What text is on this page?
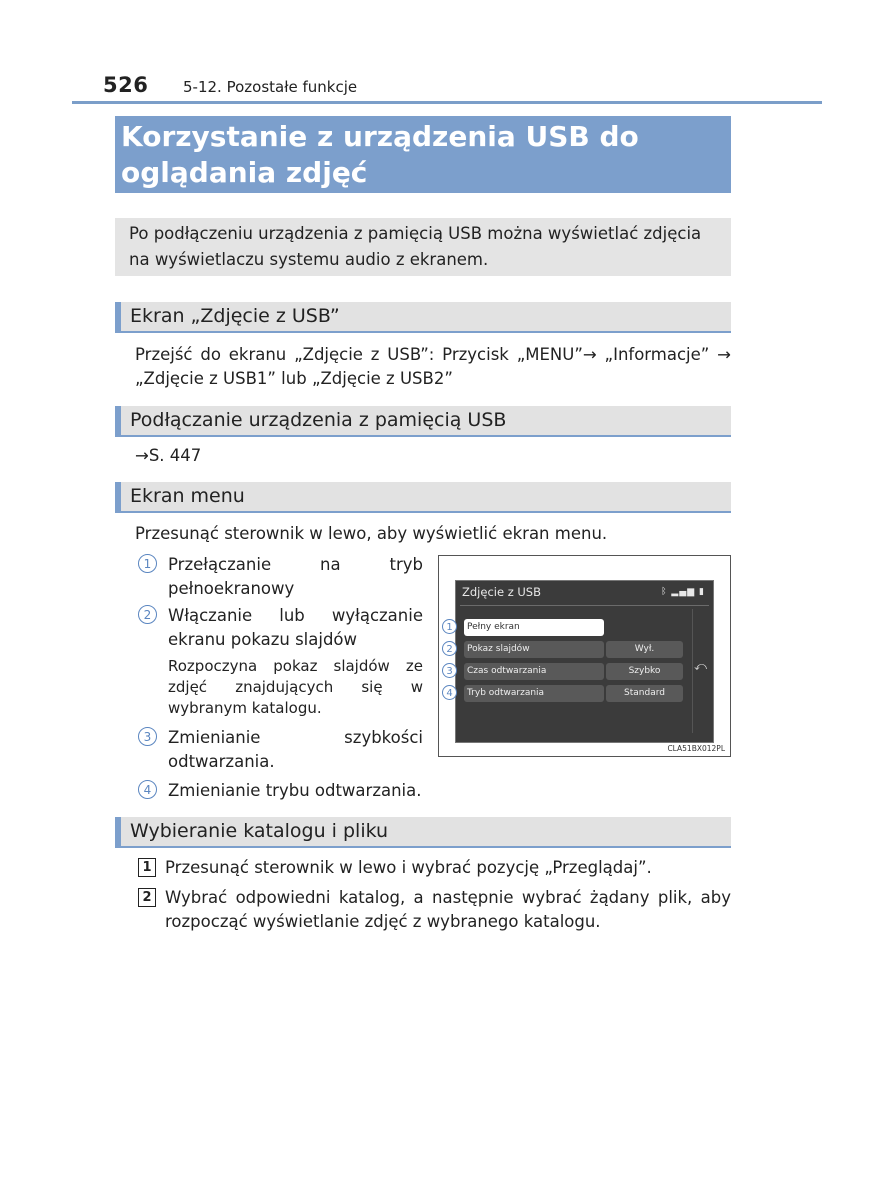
526 5-12. Pozostałe funkcje
Korzystanie z urządzenia USB do oglądania zdjęć
Po podłączeniu urządzenia z pamięcią USB można wyświetlać zdjęcia na wyświetlaczu systemu audio z ekranem.
Ekran „Zdjęcie z USB”
Przejść do ekranu „Zdjęcie z USB”: Przycisk „MENU”→ „Informacje” → „Zdjęcie z USB1” lub „Zdjęcie z USB2”
Podłączanie urządzenia z pamięcią USB
→S. 447
Ekran menu
Przesunąć sterownik w lewo, aby wyświetlić ekran menu.
1	Przełączanie na tryb pełnoekranowy
2	Włączanie lub wyłączanie ekranu pokazu slajdów
Rozpoczyna pokaz slajdów ze zdjęć znajdujących się w wybranym katalogu.
3	Zmienianie szybkości odtwarzania.
4	Zmienianie trybu odtwarzania.
Zdjęcie z USB	ᛒ ▂▄▆ ▮
Pełny ekran
Pokaz slajdów	Wył.
Czas odtwarzania	Szybko
Tryb odtwarzania	Standard
⤺
1
2
3
4
CLA51BX012PL
Wybieranie katalogu i pliku
1 Przesunąć sterownik w lewo i wybrać pozycję „Przeglądaj”.
2 Wybrać odpowiedni katalog, a następnie wybrać żądany plik, aby rozpocząć wyświetlanie zdjęć z wybranego katalogu.
